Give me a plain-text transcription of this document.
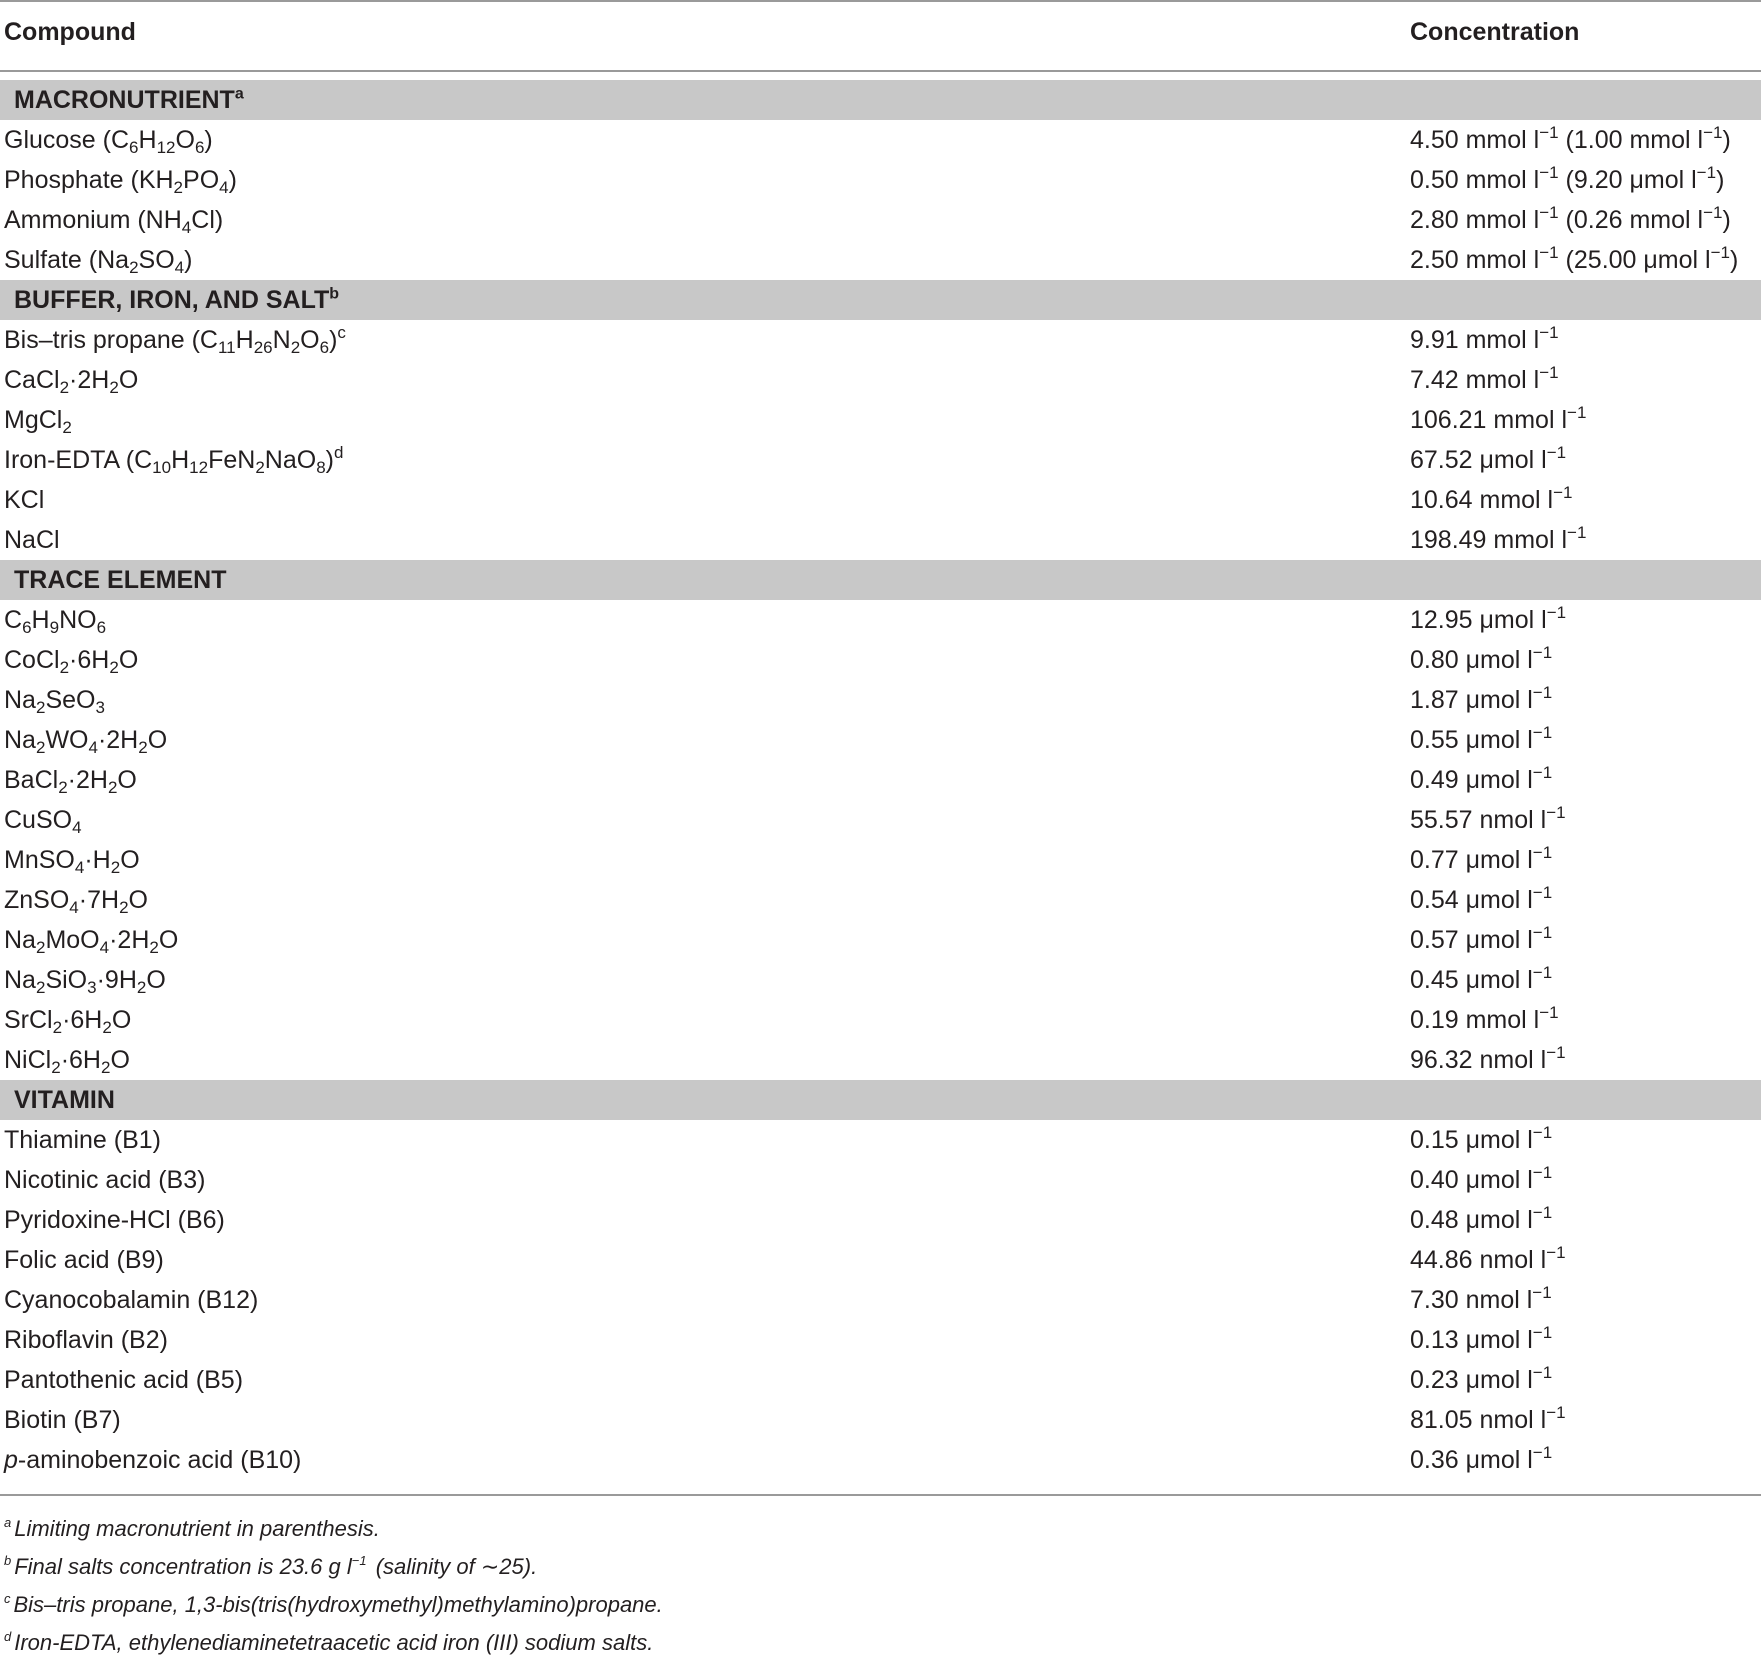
Compound	Concentration
MACRONUTRIENT$^a$
Glucose $(C_6H_{12}O_6)$	4.50 mmol $l^{-1}$ (1.00 mmol $l^{-1}$)
Phosphate $(KH_2PO_4)$	0.50 mmol $l^{-1}$ (9.20 μmol $l^{-1}$)
Ammonium $(NH_4Cl)$	2.80 mmol $l^{-1}$ (0.26 mmol $l^{-1}$)
Sulfate $(Na_2SO_4)$	2.50 mmol $l^{-1}$ (25.00 μmol $l^{-1}$)
BUFFER, IRON, AND SALT$^b$
Bis–tris propane $(C_{11}H_{26}N_2O_6)^c$	9.91 mmol $l^{-1}$
$CaCl_2\cdot 2H_2O$	7.42 mmol $l^{-1}$
MgCl$_2$	106.21 mmol $l^{-1}$
Iron-EDTA $(C_{10}H_{12}FeN_2NaO_8)^d$	67.52 μmol $l^{-1}$
KCl	10.64 mmol $l^{-1}$
NaCl	198.49 mmol $l^{-1}$
TRACE ELEMENT
$C_6H_9NO_6$	12.95 μmol $l^{-1}$
$CoCl_2\cdot 6H_2O$	0.80 μmol $l^{-1}$
$Na_2SeO_3$	1.87 μmol $l^{-1}$
$Na_2WO_4\cdot 2H_2O$	0.55 μmol $l^{-1}$
$BaCl_2\cdot 2H_2O$	0.49 μmol $l^{-1}$
CuSO$_4$	55.57 nmol $l^{-1}$
$MnSO_4\cdot H_2O$	0.77 μmol $l^{-1}$
$ZnSO_4\cdot 7H_2O$	0.54 μmol $l^{-1}$
$Na_2MoO_4\cdot 2H_2O$	0.57 μmol $l^{-1}$
$Na_2SiO_3\cdot 9H_2O$	0.45 μmol $l^{-1}$
$SrCl_2\cdot 6H_2O$	0.19 mmol $l^{-1}$
$NiCl_2\cdot 6H_2O$	96.32 nmol $l^{-1}$
VITAMIN
Thiamine (B1)	0.15 μmol $l^{-1}$
Nicotinic acid (B3)	0.40 μmol $l^{-1}$
Pyridoxine-HCl (B6)	0.48 μmol $l^{-1}$
Folic acid (B9)	44.86 nmol $l^{-1}$
Cyanocobalamin (B12)	7.30 nmol $l^{-1}$
Riboflavin (B2)	0.13 μmol $l^{-1}$
Pantothenic acid (B5)	0.23 μmol $l^{-1}$
Biotin (B7)	81.05 nmol $l^{-1}$
p-aminobenzoic acid (B10)	0.36 μmol $l^{-1}$
$^a$ Limiting macronutrient in parenthesis.
$^b$ Final salts concentration is 23.6 g $l^{-1}$ (salinity of ∼25).
$^c$ Bis–tris propane, 1,3-bis(tris(hydroxymethyl)methylamino)propane.
$^d$ Iron-EDTA, ethylenediaminetetraacetic acid iron (III) sodium salts.
